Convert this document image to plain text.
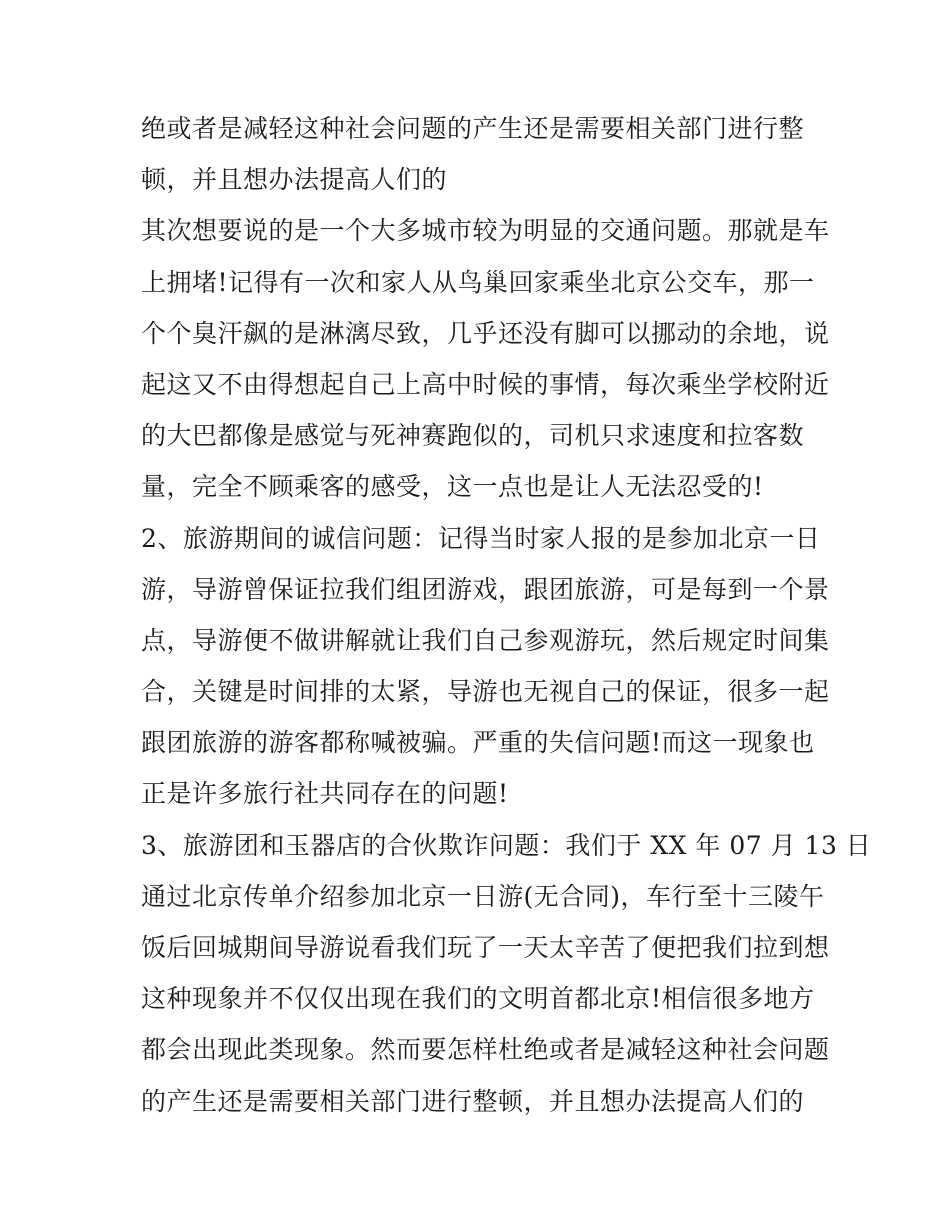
绝或者是减轻这种社会问题的产生还是需要相关部门进行整
顿，并且想办法提高人们的
其次想要说的是一个大多城市较为明显的交通问题。那就是车
上拥堵!记得有一次和家人从鸟巢回家乘坐北京公交车，那一
个个臭汗飙的是淋漓尽致，几乎还没有脚可以挪动的余地，说
起这又不由得想起自己上高中时候的事情，每次乘坐学校附近
的大巴都像是感觉与死神赛跑似的，司机只求速度和拉客数
量，完全不顾乘客的感受，这一点也是让人无法忍受的!
2、旅游期间的诚信问题：记得当时家人报的是参加北京一日
游，导游曾保证拉我们组团游戏，跟团旅游，可是每到一个景
点，导游便不做讲解就让我们自己参观游玩，然后规定时间集
合，关键是时间排的太紧，导游也无视自己的保证，很多一起
跟团旅游的游客都称喊被骗。严重的失信问题!而这一现象也
正是许多旅行社共同存在的问题!
3、旅游团和玉器店的合伙欺诈问题：我们于 XX 年 07 月 13 日
通过北京传单介绍参加北京一日游(无合同)，车行至十三陵午
饭后回城期间导游说看我们玩了一天太辛苦了便把我们拉到想
这种现象并不仅仅出现在我们的文明首都北京!相信很多地方
都会出现此类现象。然而要怎样杜绝或者是减轻这种社会问题
的产生还是需要相关部门进行整顿，并且想办法提高人们的
